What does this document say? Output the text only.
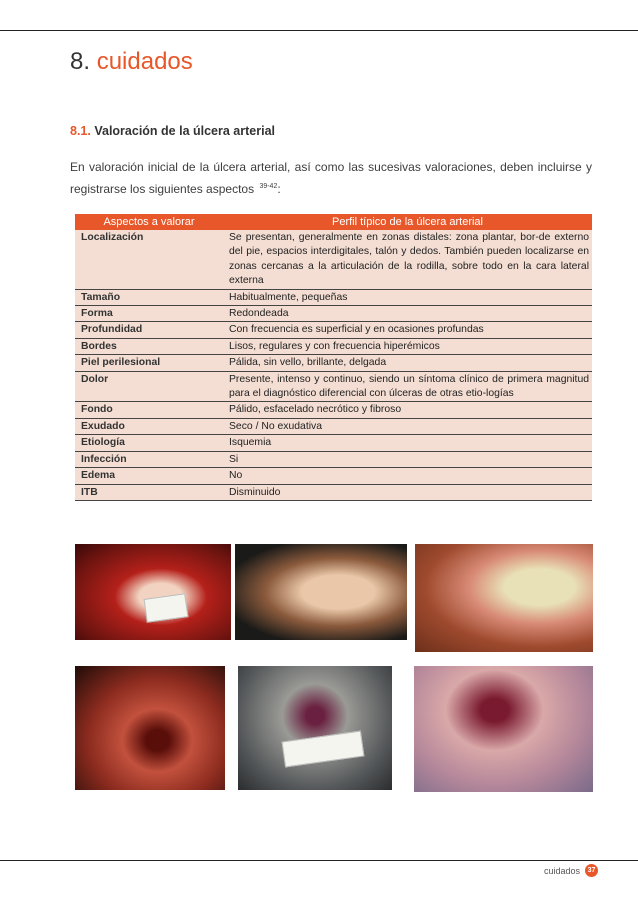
8. cuidados
8.1. Valoración de la úlcera arterial

En valoración inicial de la úlcera arterial, así como las sucesivas valoraciones, deben incluirse y registrarse los siguientes aspectos $^{39-42}$:

Aspectos a valorar	Perfil típico de la úlcera arterial
Localización	Se presentan, generalmente en zonas distales: zona plantar, bor-de externo del pie, espacios interdigitales, talón y dedos. También pueden localizarse en zonas cercanas a la articulación de la rodilla, sobre todo en la cara lateral externa
Tamaño	Habitualmente, pequeñas
Forma	Redondeada
Profundidad	Con frecuencia es superficial y en ocasiones profundas
Bordes	Lisos, regulares y con frecuencia hiperémicos
Piel perilesional	Pálida, sin vello, brillante, delgada
Dolor	Presente, intenso y continuo, siendo un síntoma clínico de primera magnitud para el diagnóstico diferencial con úlceras de otras etio-logías
Fondo	Pálido, esfacelado necrótico y fibroso
Exudado	Seco / No exudativa
Etiología	Isquemia
Infección	Si
Edema	No
ITB	Disminuido
cuidados	37
